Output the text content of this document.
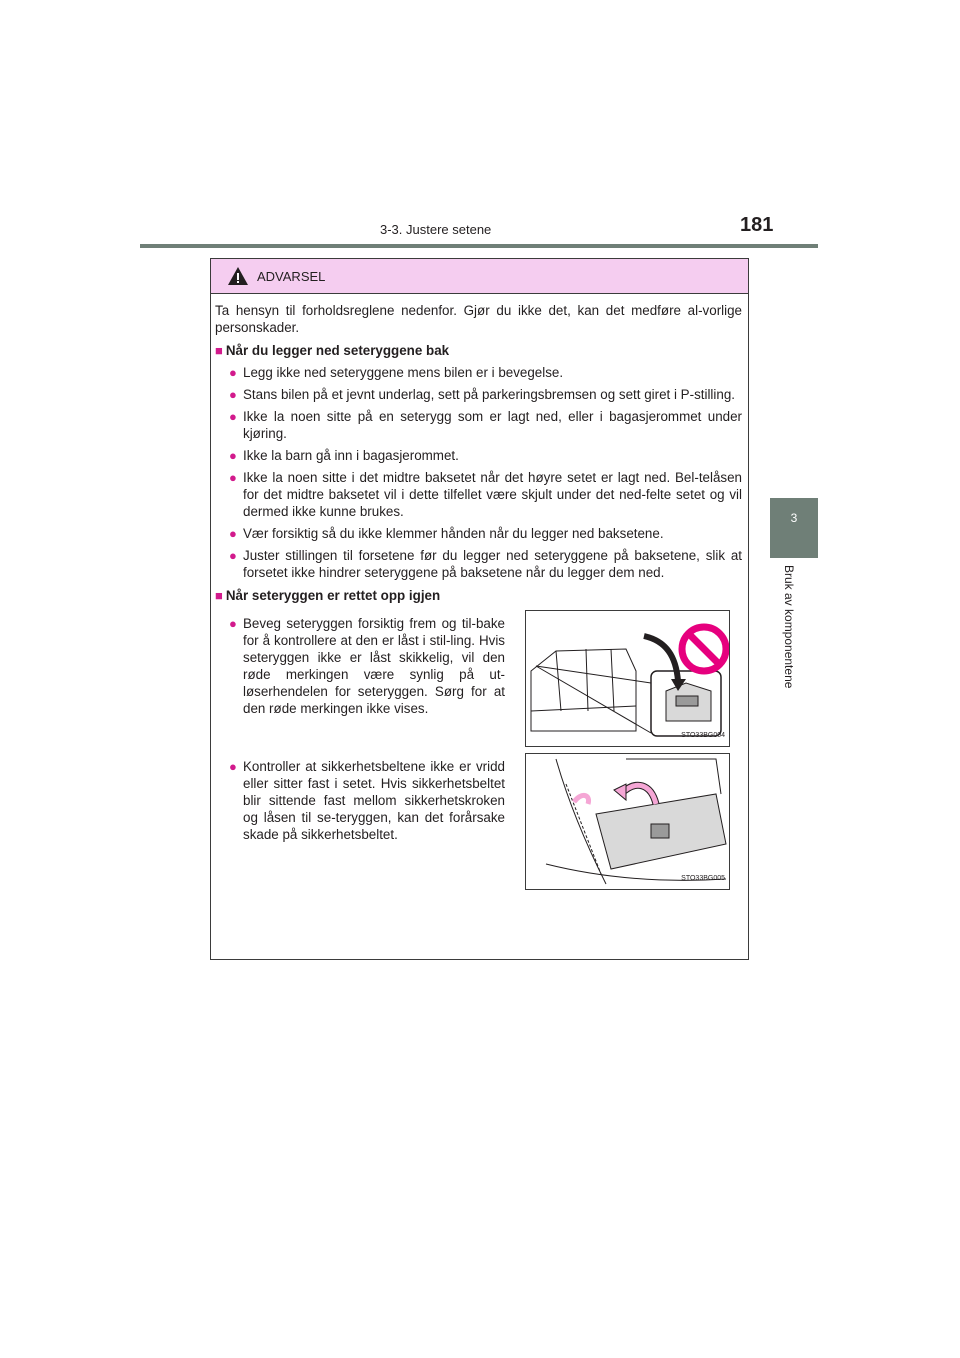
3-3. Justere setene	181
3
Bruk av komponentene
ADVARSEL

Ta hensyn til forholdsreglene nedenfor. Gjør du ikke det, kan det medføre al-vorlige personskader.

■ Når du legger ned seteryggene bak
● Legg ikke ned seteryggene mens bilen er i bevegelse.
● Stans bilen på et jevnt underlag, sett på parkeringsbremsen og sett giret i P-stilling.
● Ikke la noen sitte på en seterygg som er lagt ned, eller i bagasjerommet under kjøring.
● Ikke la barn gå inn i bagasjerommet.
● Ikke la noen sitte i det midtre baksetet når det høyre setet er lagt ned. Bel-telåsen for det midtre baksetet vil i dette tilfellet være skjult under det ned-felte setet og vil dermed ikke kunne brukes.
● Vær forsiktig så du ikke klemmer hånden når du legger ned baksetene.
● Juster stillingen til forsetene før du legger ned seteryggene på baksetene, slik at forsetet ikke hindrer seteryggene på baksetene når du legger dem ned.
■ Når seteryggen er rettet opp igjen
● Beveg seteryggen forsiktig frem og til-bake for å kontrollere at den er låst i stil-ling. Hvis seteryggen ikke er låst skikkelig, vil den røde merkingen være synlig på ut-løserhendelen for seteryggen. Sørg for at den røde merkingen ikke vises.
STO33BG004
● Kontroller at sikkerhetsbeltene ikke er vridd eller sitter fast i setet. Hvis sikkerhetsbeltet blir sittende fast mellom sikkerhetskroken og låsen til se-teryggen, kan det forårsake skade på sikkerhetsbeltet.
STO33BG005
